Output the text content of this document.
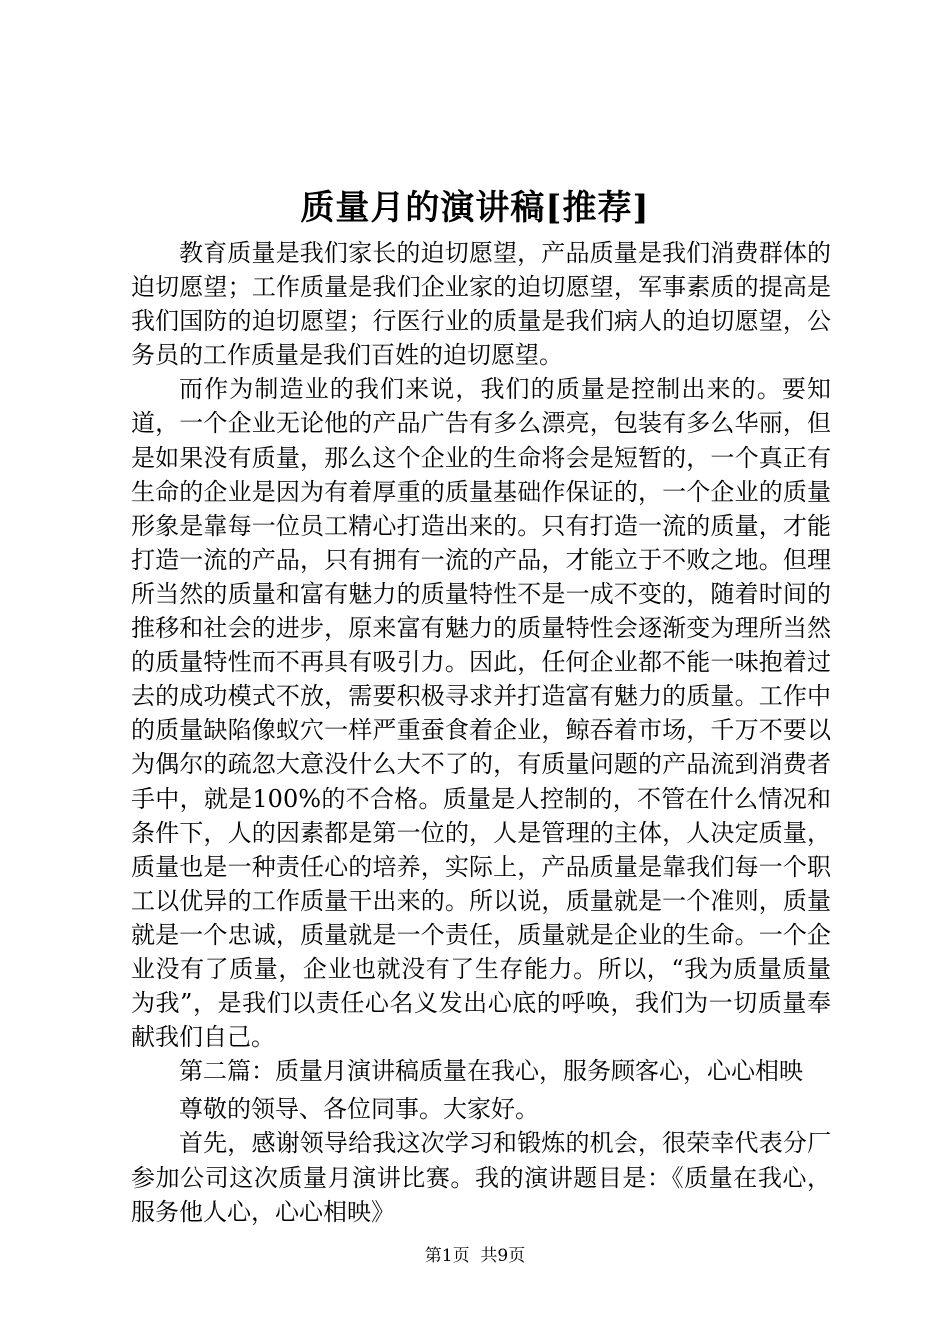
质量月的演讲稿[推荐]

教育质量是我们家长的迫切愿望，产品质量是我们消费群体的迫切愿望；工作质量是我们企业家的迫切愿望，军事素质的提高是我们国防的迫切愿望；行医行业的质量是我们病人的迫切愿望，公务员的工作质量是我们百姓的迫切愿望。

而作为制造业的我们来说，我们的质量是控制出来的。要知道，一个企业无论他的产品广告有多么漂亮，包装有多么华丽，但是如果没有质量，那么这个企业的生命将会是短暂的，一个真正有生命的企业是因为有着厚重的质量基础作保证的，一个企业的质量形象是靠每一位员工精心打造出来的。只有打造一流的质量，才能打造一流的产品，只有拥有一流的产品，才能立于不败之地。但理所当然的质量和富有魅力的质量特性不是一成不变的，随着时间的推移和社会的进步，原来富有魅力的质量特性会逐渐变为理所当然的质量特性而不再具有吸引力。因此，任何企业都不能一味抱着过去的成功模式不放，需要积极寻求并打造富有魅力的质量。工作中的质量缺陷像蚁穴一样严重蚕食着企业，鲸吞着市场，千万不要以为偶尔的疏忽大意没什么大不了的，有质量问题的产品流到消费者手中，就是100%的不合格。质量是人控制的，不管在什么情况和条件下，人的因素都是第一位的，人是管理的主体，人决定质量，质量也是一种责任心的培养，实际上，产品质量是靠我们每一个职工以优异的工作质量干出来的。所以说，质量就是一个准则，质量就是一个忠诚，质量就是一个责任，质量就是企业的生命。一个企业没有了质量，企业也就没有了生存能力。所以，“我为质量质量为我”，是我们以责任心名义发出心底的呼唤，我们为一切质量奉献我们自己。

第二篇：质量月演讲稿质量在我心，服务顾客心，心心相映

尊敬的领导、各位同事。大家好。

首先，感谢领导给我这次学习和锻炼的机会，很荣幸代表分厂参加公司这次质量月演讲比赛。我的演讲题目是：《质量在我心，服务他人心，心心相映》

第1页  共9页
